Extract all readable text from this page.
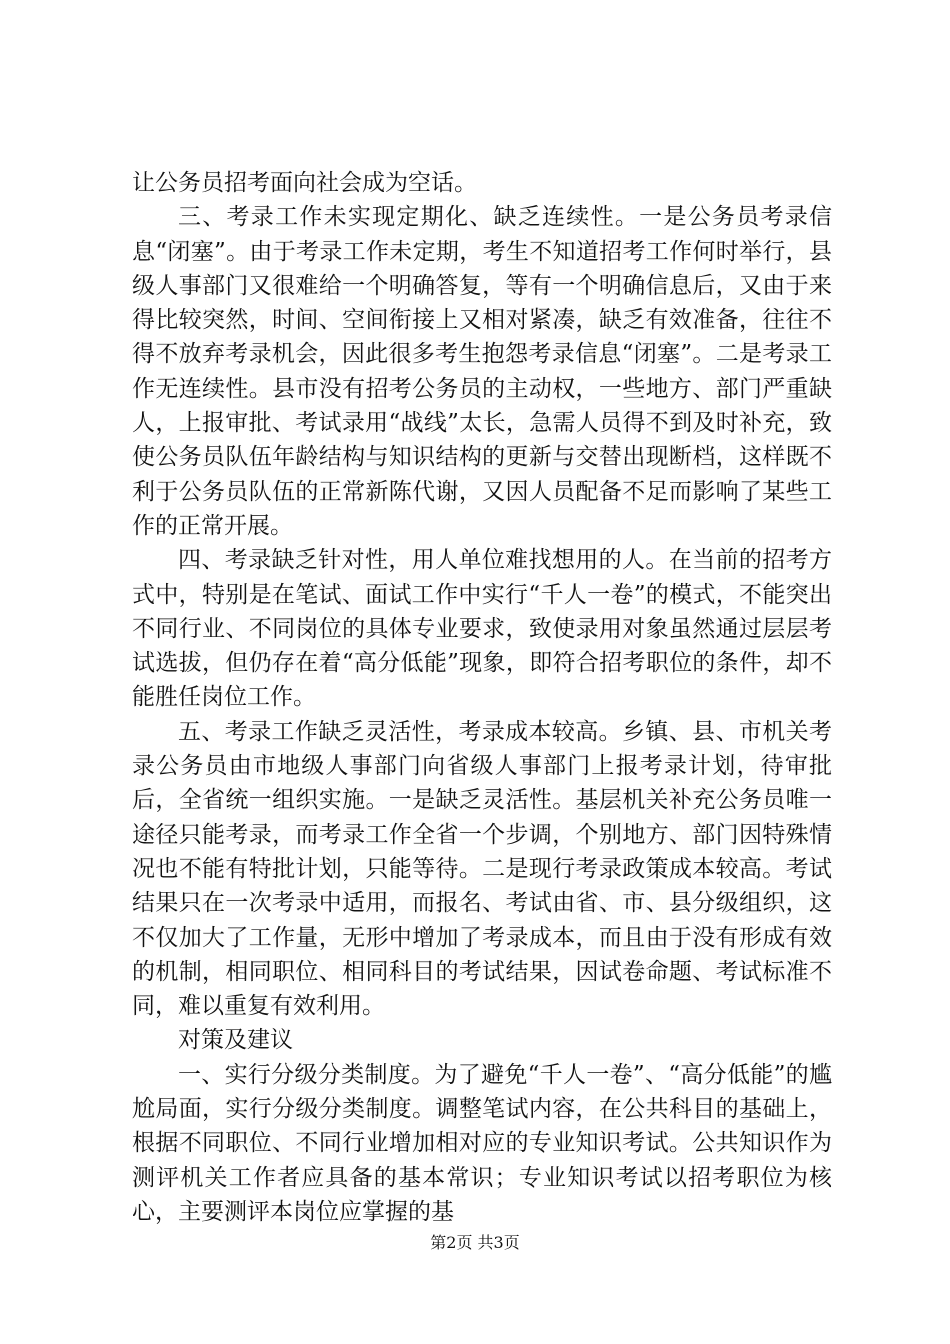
让公务员招考面向社会成为空话。

三、考录工作未实现定期化、缺乏连续性。一是公务员考录信息“闭塞”。由于考录工作未定期，考生不知道招考工作何时举行，县级人事部门又很难给一个明确答复，等有一个明确信息后，又由于来得比较突然，时间、空间衔接上又相对紧凑，缺乏有效准备，往往不得不放弃考录机会，因此很多考生抱怨考录信息“闭塞”。二是考录工作无连续性。县市没有招考公务员的主动权，一些地方、部门严重缺人，上报审批、考试录用“战线”太长，急需人员得不到及时补充，致使公务员队伍年龄结构与知识结构的更新与交替出现断档，这样既不利于公务员队伍的正常新陈代谢，又因人员配备不足而影响了某些工作的正常开展。

四、考录缺乏针对性，用人单位难找想用的人。在当前的招考方式中，特别是在笔试、面试工作中实行“千人一卷”的模式，不能突出不同行业、不同岗位的具体专业要求，致使录用对象虽然通过层层考试选拔，但仍存在着“高分低能”现象，即符合招考职位的条件，却不能胜任岗位工作。

五、考录工作缺乏灵活性，考录成本较高。乡镇、县、市机关考录公务员由市地级人事部门向省级人事部门上报考录计划，待审批后，全省统一组织实施。一是缺乏灵活性。基层机关补充公务员唯一途径只能考录，而考录工作全省一个步调，个别地方、部门因特殊情况也不能有特批计划，只能等待。二是现行考录政策成本较高。考试结果只在一次考录中适用，而报名、考试由省、市、县分级组织，这不仅加大了工作量，无形中增加了考录成本，而且由于没有形成有效的机制，相同职位、相同科目的考试结果，因试卷命题、考试标准不同，难以重复有效利用。

对策及建议

一、实行分级分类制度。为了避免“千人一卷”、“高分低能”的尴尬局面，实行分级分类制度。调整笔试内容，在公共科目的基础上，根据不同职位、不同行业增加相对应的专业知识考试。公共知识作为测评机关工作者应具备的基本常识；专业知识考试以招考职位为核心，主要测评本岗位应掌握的基

第2页 共3页
